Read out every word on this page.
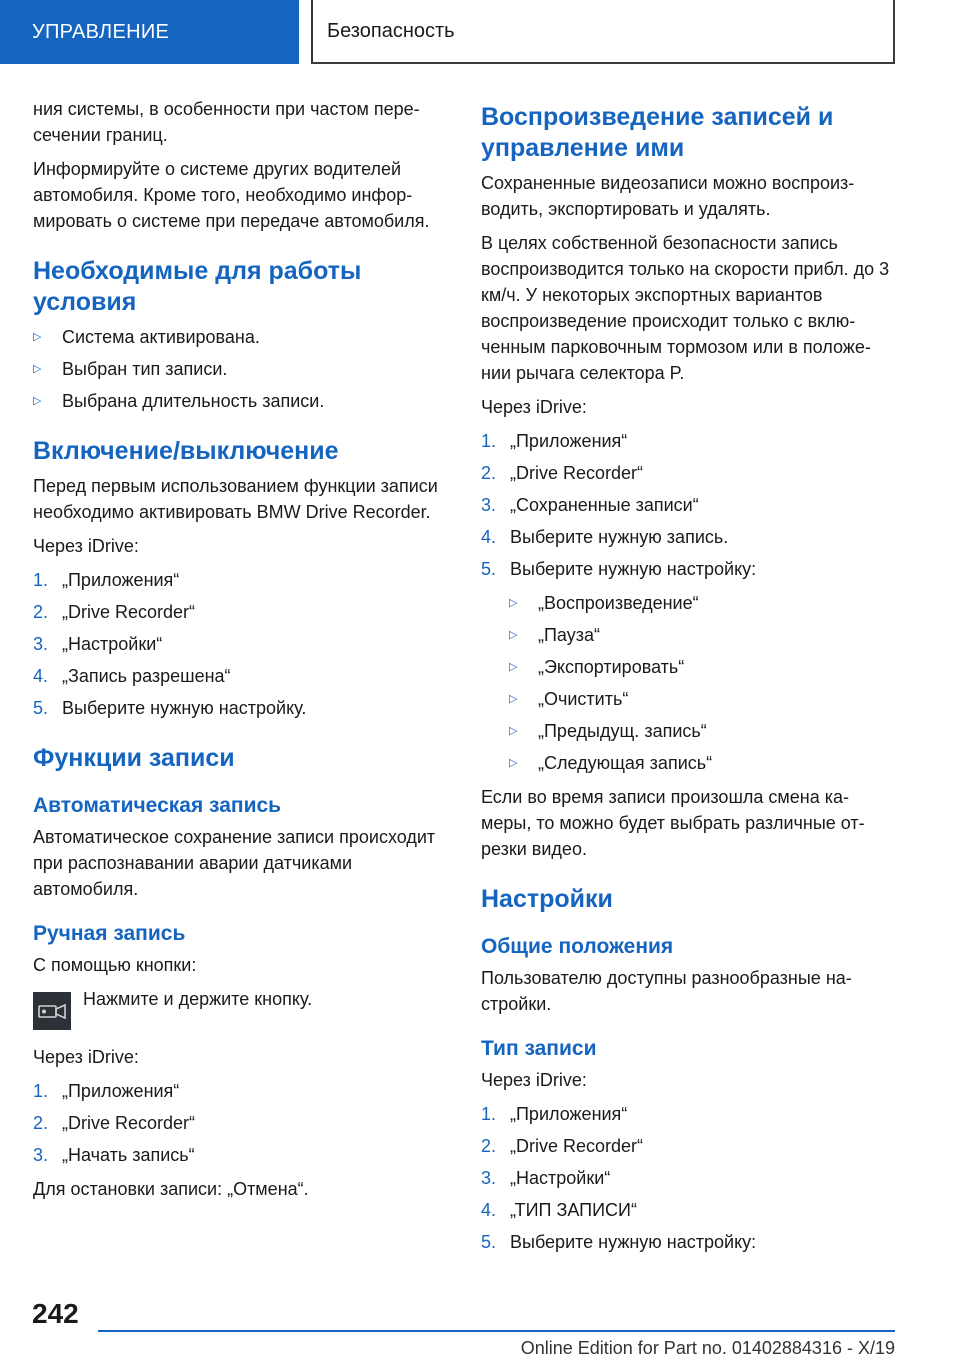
УПРАВЛЕНИЕ	Безопасность

ния системы, в особенности при частом пересечении границ.

Информируйте о системе других водителей автомобиля. Кроме того, необходимо информировать о системе при передаче автомобиля.

Необходимые для работы условия
▷ Система активирована.
▷ Выбран тип записи.
▷ Выбрана длительность записи.
Включение/выключение

Перед первым использованием функции записи необходимо активировать BMW Drive Recorder.

Через iDrive:

1. „Приложения“
2. „Drive Recorder“
3. „Настройки“
4. „Запись разрешена“
5. Выберите нужную настройку.
Функции записи
Автоматическая запись

Автоматическое сохранение записи происходит при распознавании аварии датчиками автомобиля.

Ручная запись

С помощью кнопки:

Нажмите и держите кнопку.

Через iDrive:

1. „Приложения“
2. „Drive Recorder“
3. „Начать запись“

Для остановки записи: „Отмена“.

Воспроизведение записей и управление ими

Сохраненные видеозаписи можно воспроизводить, экспортировать и удалять.

В целях собственной безопасности запись воспроизводится только на скорости прибл. до 3 км/ч. У некоторых экспортных вариантов воспроизведение происходит только с включенным парковочным тормозом или в положении рычага селектора P.

Через iDrive:

1. „Приложения“
2. „Drive Recorder“
3. „Сохраненные записи“
4. Выберите нужную запись.
5. Выберите нужную настройку:
▷ „Воспроизведение“
▷ „Пауза“
▷ „Экспортировать“
▷ „Очистить“
▷ „Предыдущ. запись“
▷ „Следующая запись“

Если во время записи произошла смена камеры, то можно будет выбрать различные отрезки видео.

Настройки
Общие положения

Пользователю доступны разнообразные настройки.

Тип записи

Через iDrive:

1. „Приложения“
2. „Drive Recorder“
3. „Настройки“
4. „ТИП ЗАПИСИ“
5. Выберите нужную настройку:
242
Online Edition for Part no. 01402884316 - X/19
